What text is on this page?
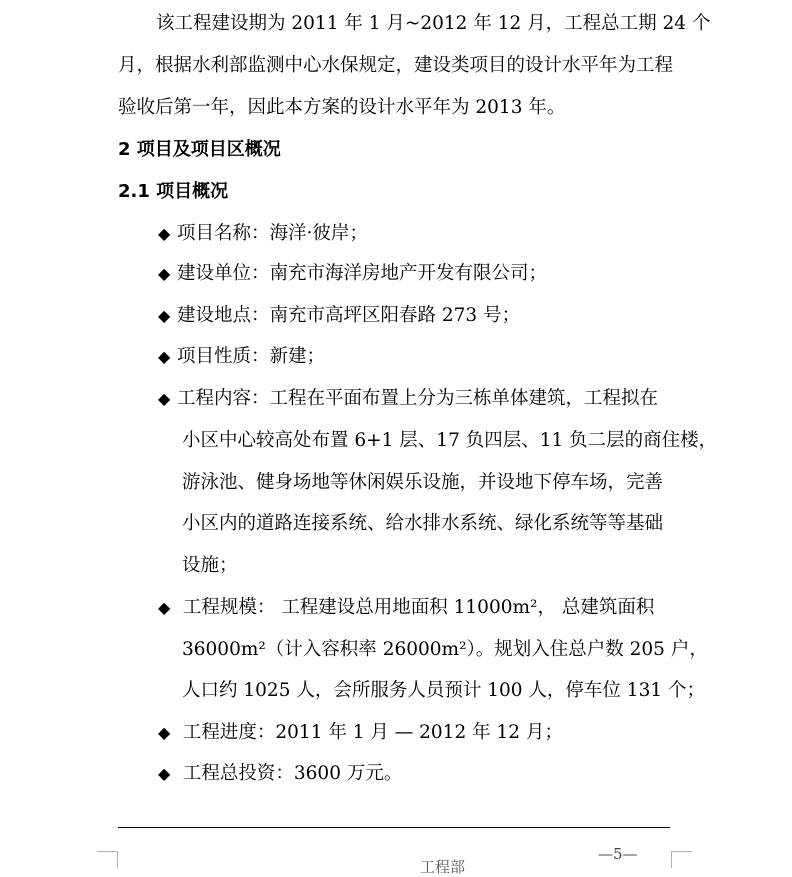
该工程建设期为 2011 年 1 月~2012 年 12 月，工程总工期 24 个
月，根据水利部监测中心水保规定，建设类项目的设计水平年为工程
验收后第一年，因此本方案的设计水平年为 2013 年。
2 项目及项目区概况
2.1 项目概况
◆ 项目名称：海洋·彼岸；
◆ 建设单位：南充市海洋房地产开发有限公司；
◆ 建设地点：南充市高坪区阳春路 273 号；
◆ 项目性质：新建；
◆ 工程内容：工程在平面布置上分为三栋单体建筑，工程拟在
小区中心较高处布置 6+1 层、17 负四层、11 负二层的商住楼，
游泳池、健身场地等休闲娱乐设施，并设地下停车场，完善
小区内的道路连接系统、给水排水系统、绿化系统等等基础
设施；
◆ 工程规模： 工程建设总用地面积 11000m²， 总建筑面积
36000m²（计入容积率 26000m²）。规划入住总户数 205 户，
人口约 1025 人，会所服务人员预计 100 人，停车位 131 个；
◆ 工程进度：2011 年 1 月 — 2012 年 12 月；
◆ 工程总投资：3600 万元。
—5—
工程部
